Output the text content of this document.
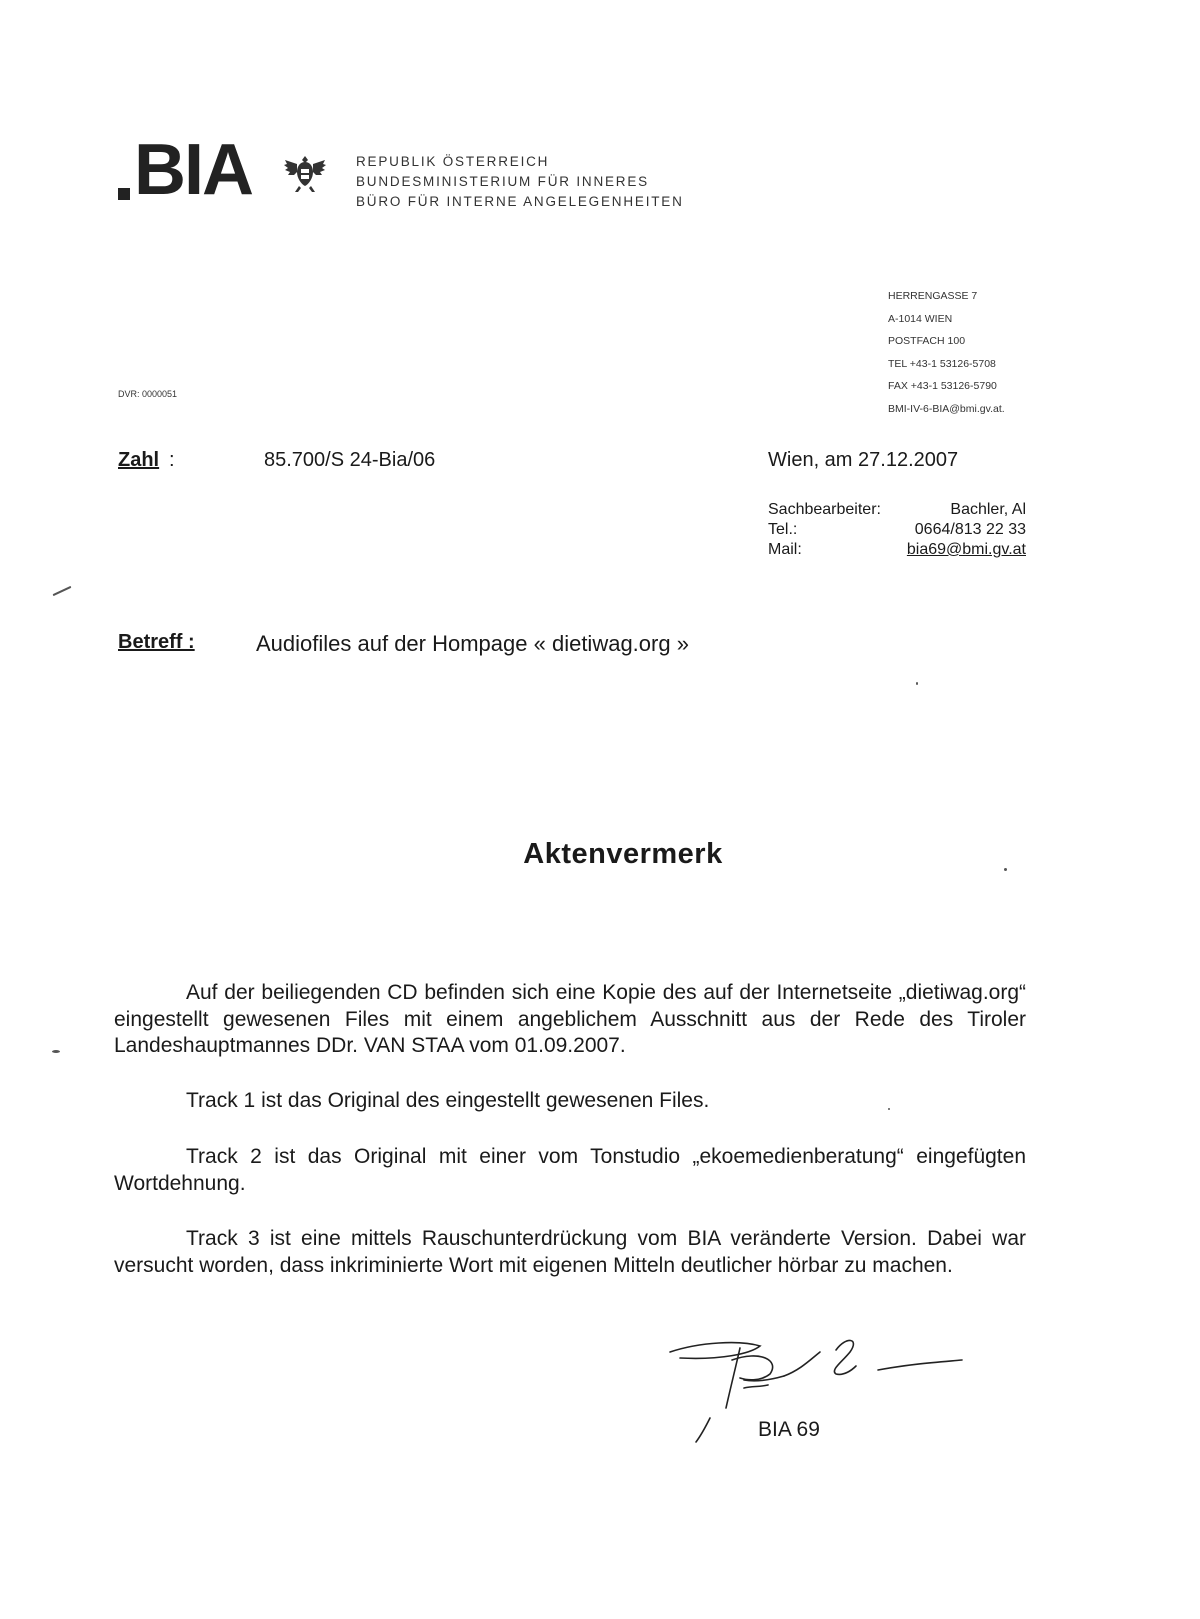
BIA	REPUBLIK ÖSTERREICH
BUNDESMINISTERIUM FÜR INNERES
BÜRO FÜR INTERNE ANGELEGENHEITEN
HERRENGASSE 7
A-1014 WIEN
POSTFACH 100
TEL +43-1 53126-5708
FAX +43-1 53126-5790
BMI-IV-6-BIA@bmi.gv.at.
DVR: 0000051
Zahl :	85.700/S 24-Bia/06	Wien, am 27.12.2007
Sachbearbeiter:	Bachler, Al
Tel.:	0664/813 22 33
Mail:	bia69@bmi.gv.at
Betreff :	Audiofiles auf der Hompage « dietiwag.org »
Aktenvermerk
Auf der beiliegenden CD befinden sich eine Kopie des auf der Internetseite „dietiwag.org“ eingestellt gewesenen Files mit einem angeblichem Ausschnitt aus der Rede des Tiroler Landeshauptmannes DDr. VAN STAA vom 01.09.2007.
Track 1 ist das Original des eingestellt gewesenen Files.
Track 2 ist das Original mit einer vom Tonstudio „ekoemedienberatung“ eingefügten Wortdehnung.
Track 3 ist eine mittels Rauschunterdrückung vom BIA veränderte Version. Dabei war versucht worden, dass inkriminierte Wort mit eigenen Mitteln deutlicher hörbar zu machen.
BIA 69
